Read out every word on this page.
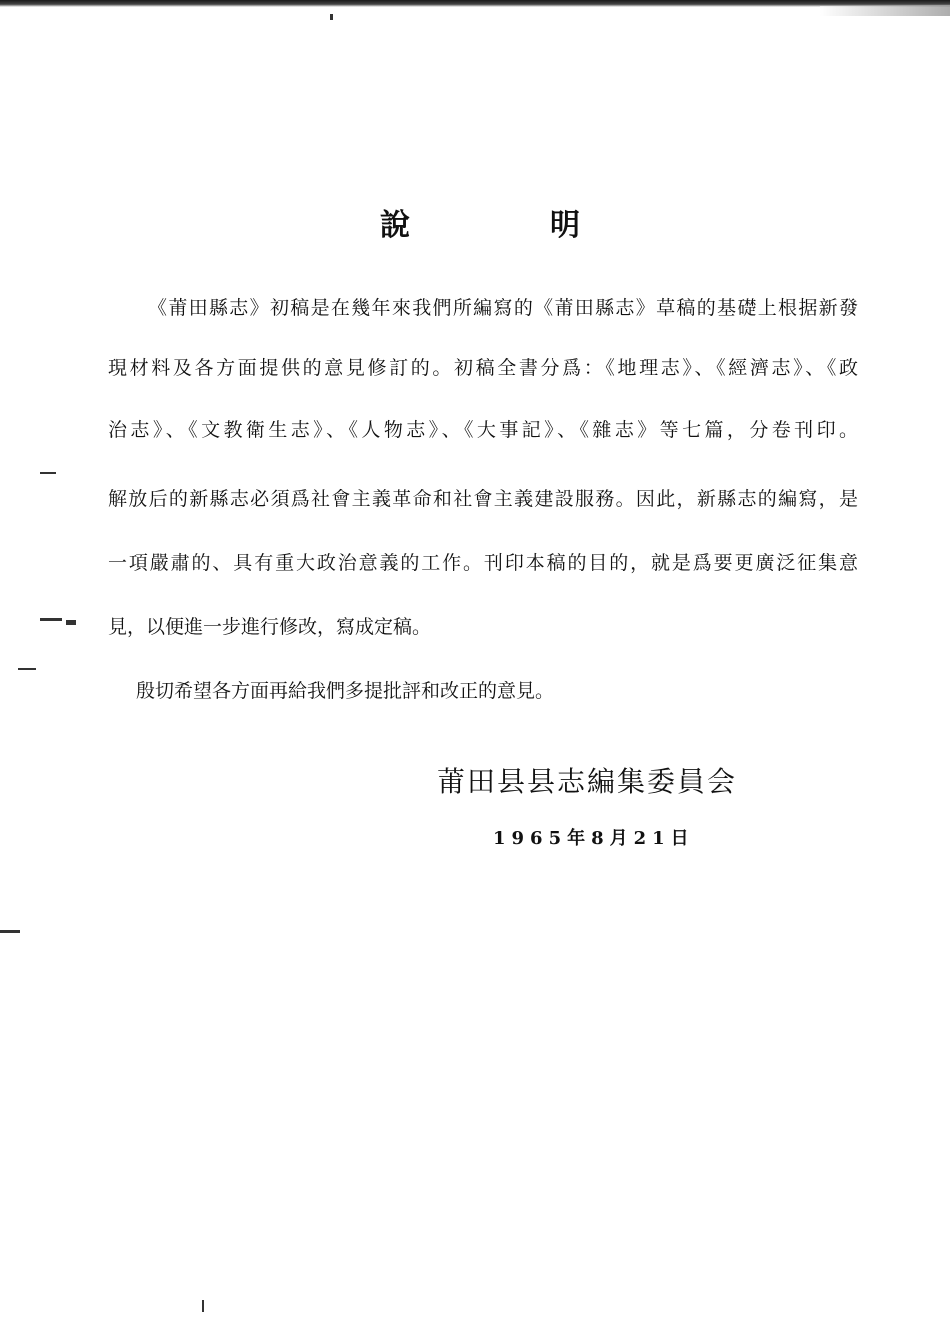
說	明
《莆田縣志》初稿是在幾年來我們所編寫的《莆田縣志》草稿的基礎上根据新發
現材料及各方面提供的意見修訂的。初稿全書分爲：《地理志》、《經濟志》、《政
治志》、《文教衛生志》、《人物志》、《大事記》、《雜志》等七篇，分卷刊印。
解放后的新縣志必須爲社會主義革命和社會主義建設服務。因此，新縣志的編寫，是
一項嚴肅的、具有重大政治意義的工作。刊印本稿的目的，就是爲要更廣泛征集意
見，以便進一步進行修改，寫成定稿。
殷切希望各方面再給我們多提批評和改正的意見。
莆田县县志編集委員会
1965年8月21日
